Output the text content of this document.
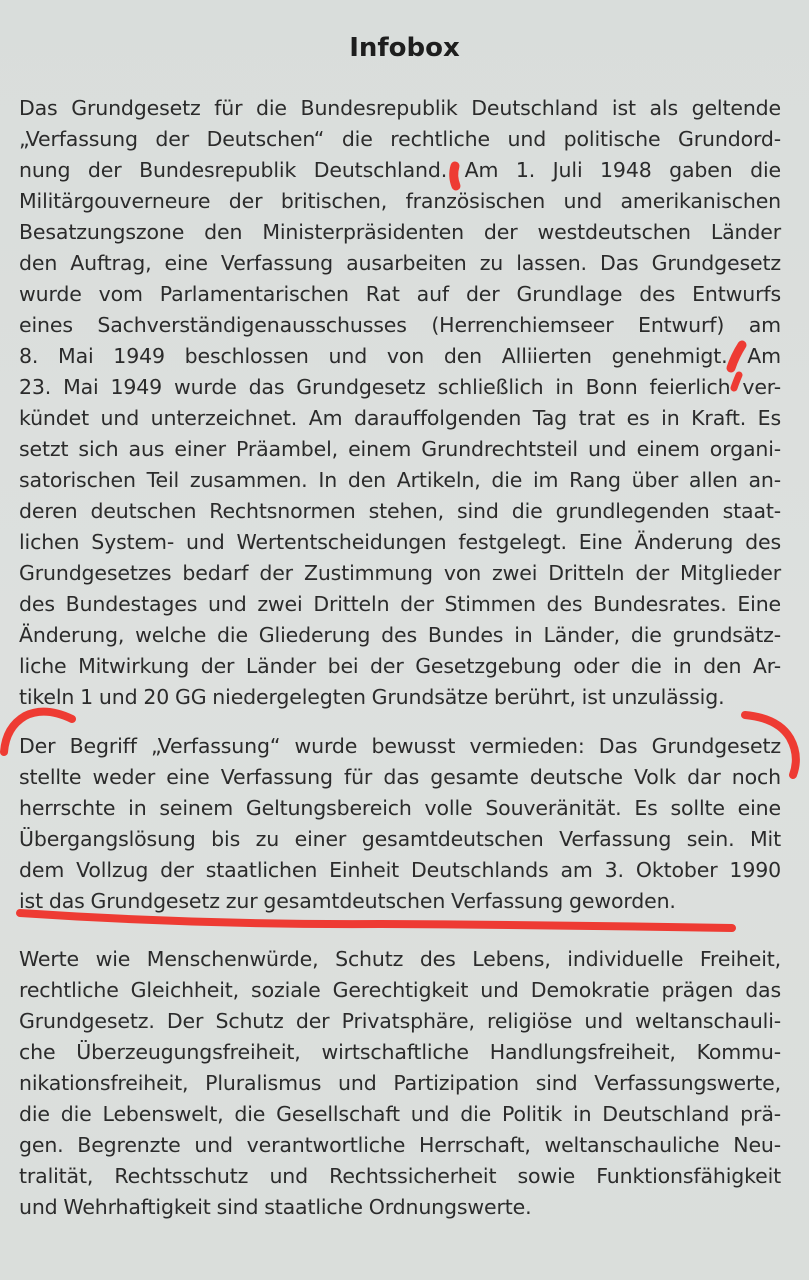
Infobox
Das Grundgesetz für die Bundesrepublik Deutschland ist als geltende
„Verfassung der Deutschen“ die rechtliche und politische Grundord-
nung der Bundesrepublik Deutschland. Am 1. Juli 1948 gaben die
Militärgouverneure der britischen, französischen und amerikanischen
Besatzungszone den Ministerpräsidenten der westdeutschen Länder
den Auftrag, eine Verfassung ausarbeiten zu lassen. Das Grundgesetz
wurde vom Parlamentarischen Rat auf der Grundlage des Entwurfs
eines Sachverständigenausschusses (Herrenchiemseer Entwurf) am
8. Mai 1949 beschlossen und von den Alliierten genehmigt. Am
23. Mai 1949 wurde das Grundgesetz schließlich in Bonn feierlich ver-
kündet und unterzeichnet. Am darauffolgenden Tag trat es in Kraft. Es
setzt sich aus einer Präambel, einem Grundrechtsteil und einem organi-
satorischen Teil zusammen. In den Artikeln, die im Rang über allen an-
deren deutschen Rechtsnormen stehen, sind die grundlegenden staat-
lichen System- und Wertentscheidungen festgelegt. Eine Änderung des
Grundgesetzes bedarf der Zustimmung von zwei Dritteln der Mitglieder
des Bundestages und zwei Dritteln der Stimmen des Bundesrates. Eine
Änderung, welche die Gliederung des Bundes in Länder, die grundsätz-
liche Mitwirkung der Länder bei der Gesetzgebung oder die in den Ar-
tikeln 1 und 20 GG niedergelegten Grundsätze berührt, ist unzulässig.
Der Begriff „Verfassung“ wurde bewusst vermieden: Das Grundgesetz
stellte weder eine Verfassung für das gesamte deutsche Volk dar noch
herrschte in seinem Geltungsbereich volle Souveränität. Es sollte eine
Übergangslösung bis zu einer gesamtdeutschen Verfassung sein. Mit
dem Vollzug der staatlichen Einheit Deutschlands am 3. Oktober 1990
ist das Grundgesetz zur gesamtdeutschen Verfassung geworden.
Werte wie Menschenwürde, Schutz des Lebens, individuelle Freiheit,
rechtliche Gleichheit, soziale Gerechtigkeit und Demokratie prägen das
Grundgesetz. Der Schutz der Privatsphäre, religiöse und weltanschauli-
che Überzeugungsfreiheit, wirtschaftliche Handlungsfreiheit, Kommu-
nikationsfreiheit, Pluralismus und Partizipation sind Verfassungswerte,
die die Lebenswelt, die Gesellschaft und die Politik in Deutschland prä-
gen. Begrenzte und verantwortliche Herrschaft, weltanschauliche Neu-
tralität, Rechtsschutz und Rechtssicherheit sowie Funktionsfähigkeit
und Wehrhaftigkeit sind staatliche Ordnungswerte.
